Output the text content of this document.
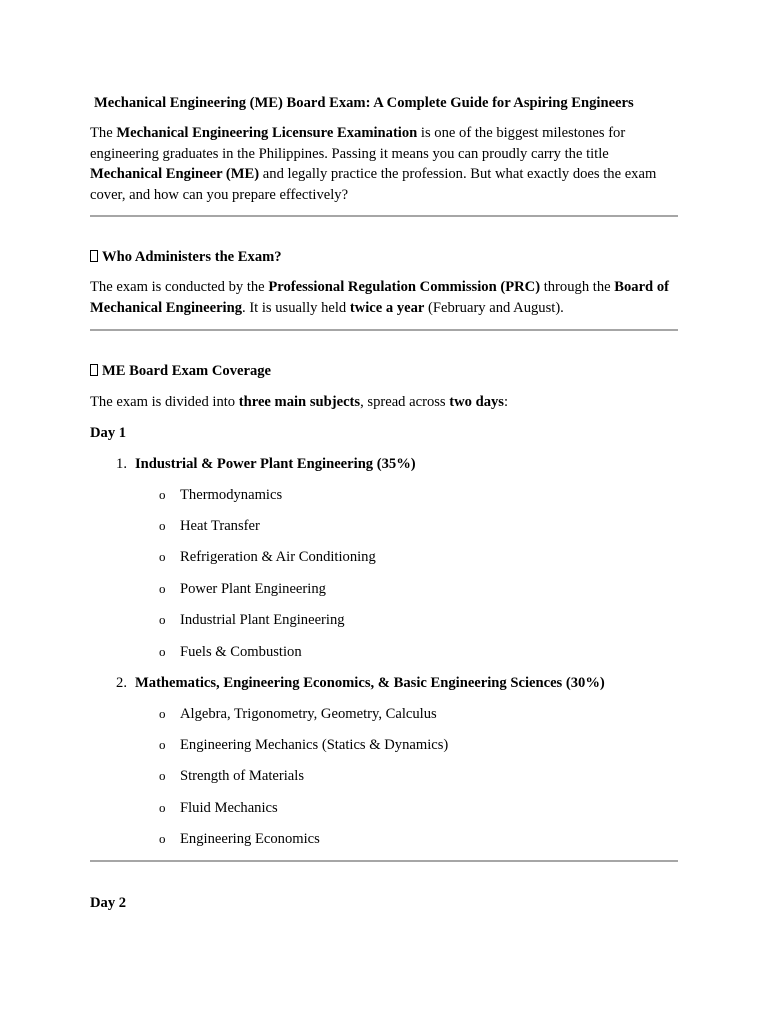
Mechanical Engineering (ME) Board Exam: A Complete Guide for Aspiring Engineers

The Mechanical Engineering Licensure Examination is one of the biggest milestones for engineering graduates in the Philippines. Passing it means you can proudly carry the title Mechanical Engineer (ME) and legally practice the profession. But what exactly does the exam cover, and how can you prepare effectively?

Who Administers the Exam?

The exam is conducted by the Professional Regulation Commission (PRC) through the Board of Mechanical Engineering. It is usually held twice a year (February and August).

ME Board Exam Coverage
The exam is divided into three main subjects, spread across two days:
Day 1
1. Industrial & Power Plant Engineering (35%)
o Thermodynamics
o Heat Transfer
o Refrigeration & Air Conditioning
o Power Plant Engineering
o Industrial Plant Engineering
o Fuels & Combustion
2. Mathematics, Engineering Economics, & Basic Engineering Sciences (30%)
o Algebra, Trigonometry, Geometry, Calculus
o Engineering Mechanics (Statics & Dynamics)
o Strength of Materials
o Fluid Mechanics
o Engineering Economics
Day 2
